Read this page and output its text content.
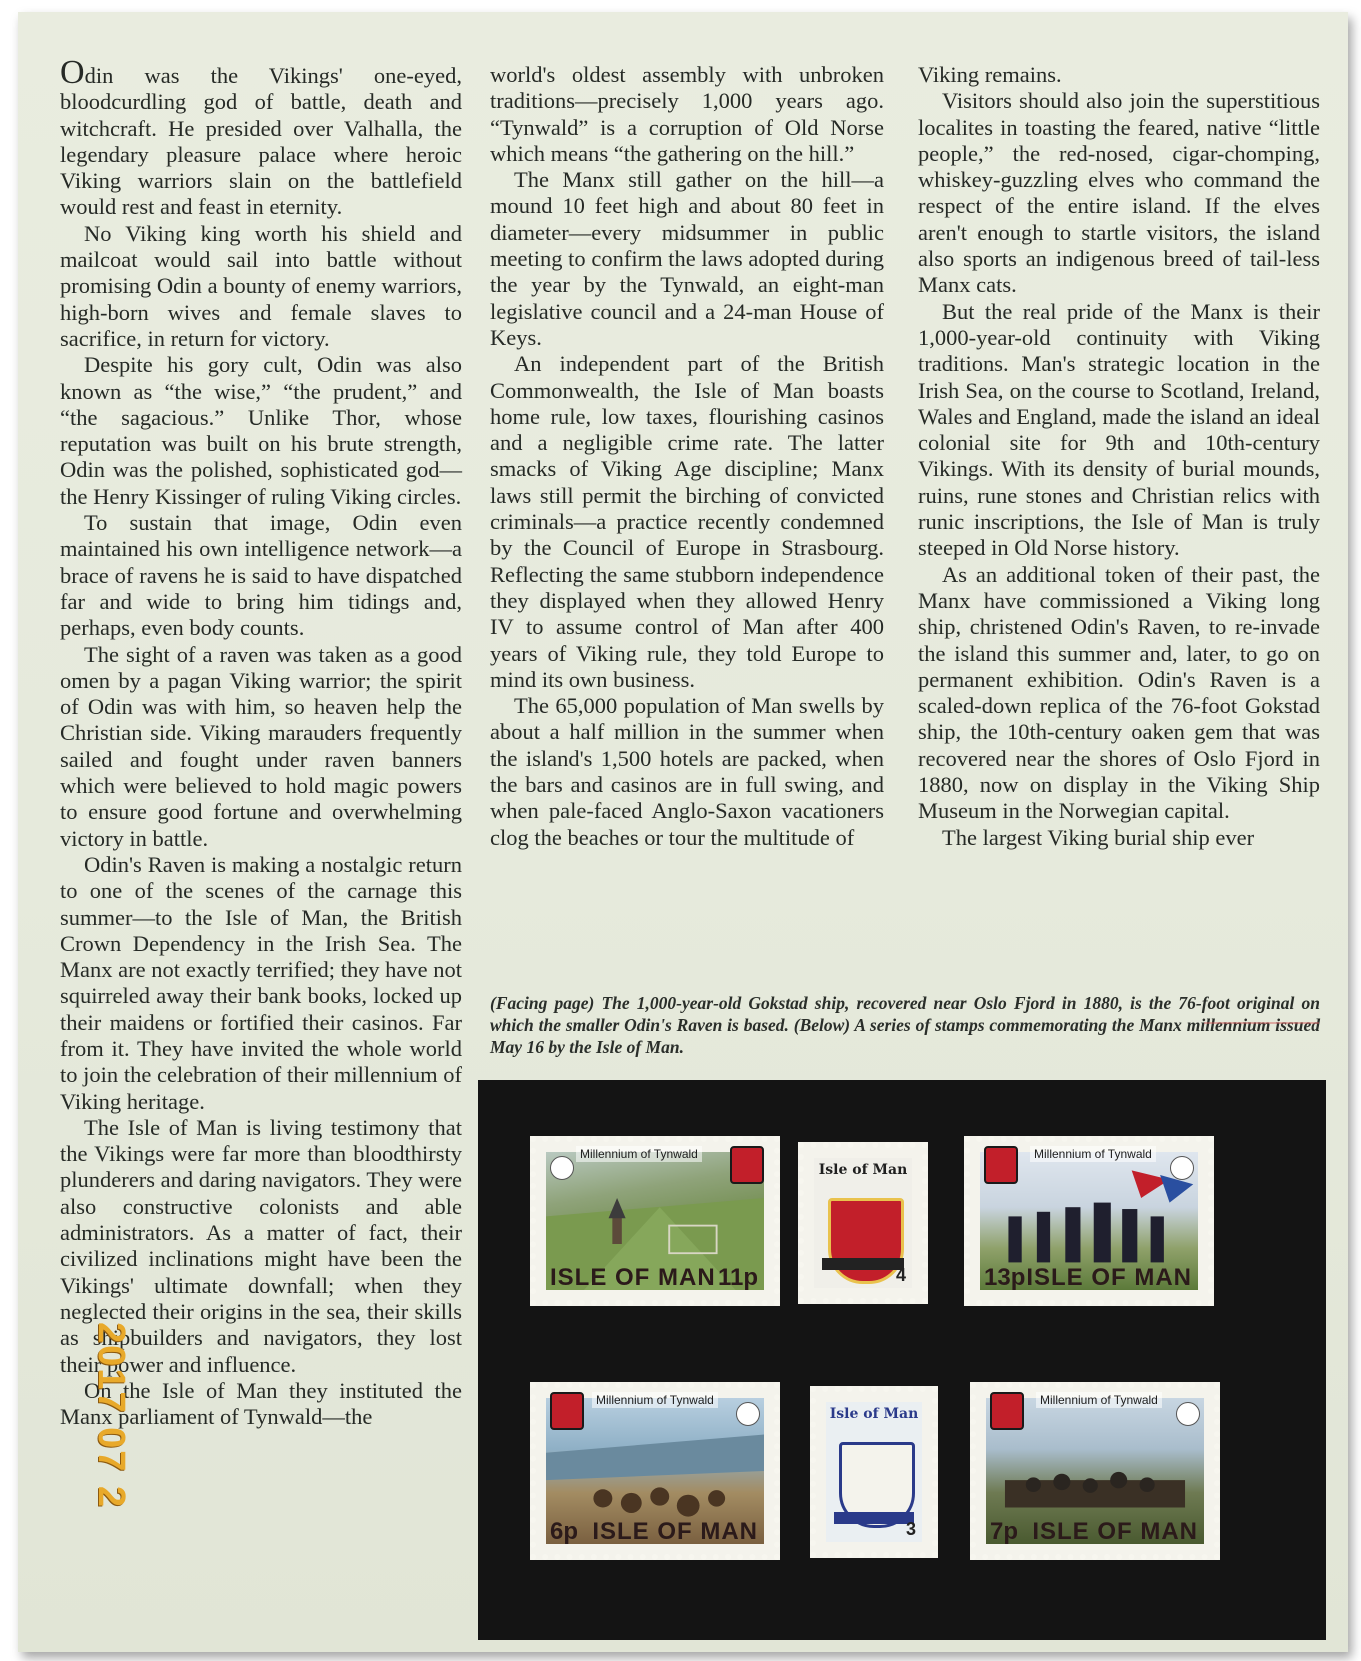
Odin was the Vikings' one-eyed, bloodcurdling god of battle, death and witchcraft. He presided over Valhalla, the legendary pleasure palace where heroic Viking warriors slain on the battlefield would rest and feast in eternity.

No Viking king worth his shield and mailcoat would sail into battle without promising Odin a bounty of enemy warriors, high-born wives and female slaves to sacrifice, in return for victory.

Despite his gory cult, Odin was also known as “the wise,” “the prudent,” and “the sagacious.” Unlike Thor, whose reputation was built on his brute strength, Odin was the polished, sophisticated god—the Henry Kissinger of ruling Viking circles.

To sustain that image, Odin even maintained his own intelligence network—a brace of ravens he is said to have dispatched far and wide to bring him tidings and, perhaps, even body counts.

The sight of a raven was taken as a good omen by a pagan Viking warrior; the spirit of Odin was with him, so heaven help the Christian side. Viking marauders frequently sailed and fought under raven banners which were believed to hold magic powers to ensure good fortune and overwhelming victory in battle.

Odin's Raven is making a nostalgic return to one of the scenes of the carnage this summer—to the Isle of Man, the British Crown Dependency in the Irish Sea. The Manx are not exactly terrified; they have not squirreled away their bank books, locked up their maidens or fortified their casinos. Far from it. They have invited the whole world to join the celebration of their millennium of Viking heritage.

The Isle of Man is living testimony that the Vikings were far more than bloodthirsty plunderers and daring navigators. They were also constructive colonists and able administrators. As a matter of fact, their civilized inclinations might have been the Vikings' ultimate downfall; when they neglected their origins in the sea, their skills as shipbuilders and navigators, they lost their power and influence.

On the Isle of Man they instituted the Manx parliament of Tynwald—the

world's oldest assembly with unbroken traditions—precisely 1,000 years ago. “Tynwald” is a corruption of Old Norse which means “the gathering on the hill.”

The Manx still gather on the hill—a mound 10 feet high and about 80 feet in diameter—every midsummer in public meeting to confirm the laws adopted during the year by the Tynwald, an eight-man legislative council and a 24-man House of Keys.

An independent part of the British Commonwealth, the Isle of Man boasts home rule, low taxes, flourishing casinos and a negligible crime rate. The latter smacks of Viking Age discipline; Manx laws still permit the birching of convicted criminals—a practice recently condemned by the Council of Europe in Strasbourg. Reflecting the same stubborn independence they displayed when they allowed Henry IV to assume control of Man after 400 years of Viking rule, they told Europe to mind its own business.

The 65,000 population of Man swells by about a half million in the summer when the island's 1,500 hotels are packed, when the bars and casinos are in full swing, and when pale-faced Anglo-Saxon vacationers clog the beaches or tour the multitude of

Viking remains.

Visitors should also join the superstitious localites in toasting the feared, native “little people,” the red-nosed, cigar-chomping, whiskey-guzzling elves who command the respect of the entire island. If the elves aren't enough to startle visitors, the island also sports an indigenous breed of tail-less Manx cats.

But the real pride of the Manx is their 1,000-year-old continuity with Viking traditions. Man's strategic location in the Irish Sea, on the course to Scotland, Ireland, Wales and England, made the island an ideal colonial site for 9th and 10th-century Vikings. With its density of burial mounds, ruins, rune stones and Christian relics with runic inscriptions, the Isle of Man is truly steeped in Old Norse history.

As an additional token of their past, the Manx have commissioned a Viking long ship, christened Odin's Raven, to re-invade the island this summer and, later, to go on permanent exhibition. Odin's Raven is a scaled-down replica of the 76-foot Gokstad ship, the 10th-century oaken gem that was recovered near the shores of Oslo Fjord in 1880, now on display in the Viking Ship Museum in the Norwegian capital.

The largest Viking burial ship ever

(Facing page) The 1,000-year-old Gokstad ship, recovered near Oslo Fjord in 1880, is the 76-foot original on which the smaller Odin's Raven is based. (Below) A series of stamps commemorating the Manx millennium issued May 16 by the Isle of Man.
Millennium of Tynwald
ISLE OF MAN 11p
Isle of Man
4
Millennium of Tynwald
13p ISLE OF MAN
Millennium of Tynwald
6p ISLE OF MAN
Isle of Man
3
Millennium of Tynwald
7p ISLE OF MAN
2017 07 2
